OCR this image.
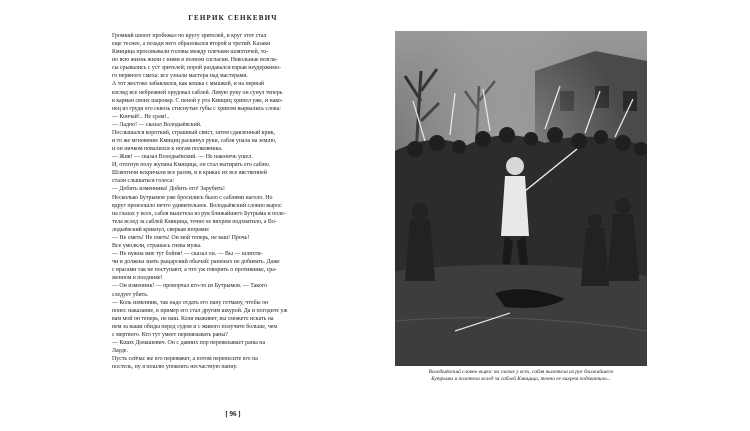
ГЕНРИК СЕНКЕВИЧ
Громкий шепот пробежал по кругу зрителей, и круг этот стал
еще теснее, а позади него образовался второй и третий. Казаки
Кмицица просовывали головы между плечами шляхтичей, то-
но всю жизнь жили с ними в полном согласии. Невольные возгла-
сы срывались с уст зрителей; порой раздавался взрыв неудержимо-
го нервного смеха: все узнали мастера над мастерами.
А тот жестоко забавлялся, как кошка с мышкой, и на первый
взгляд все небрежней орудовал саблей. Левую руку он сунул теперь
в карман своих шаровар. С пеной у рта Кмициц хрипел уже, и нако-
нец из груди его сквозь стиснутые губы с хрипом вырвались слова:
— Кончай!.. Не срам!..
— Ладно! — сказал Володыёвский.
Послышался короткий, страшный свист, затем сдавленный крик,
и то же мгновение Кмициц раскинул руки, сабля упала на землю,
и он ничком повалился к ногам полковника.
— Жив! — сказал Володыёвский. — Не наконечь ушел.
И, отогнув полу жупана Кмицица, он стал вытирать его саблю.
Шляхтичи вскричали все разом, и в криках их все явственней
стали слышаться голоса:
— Добить изменника! Добить его! Зарубить!
Несколько Бутрымов уже бросились было с саблями наголо. Но
вдруг произошло нечто удивительное. Володыёвский словно вырос
на глазах у всех, сабля вылетела из рук ближайшего Бутрыма и поле-
тела вслед за саблей Кмицица, точно ее вихрем подхватило, а Во-
лодыёвский крикнул, сверкая взорами:
— Не сметь! Не сметь! Он мой теперь, не ваш! Прочь!
Все умолкли, страшась гнева мужа.
— Не нужна мне тут бойня! — сказал он. — Вы — шляхти-
чи и должны знать рыцарский обычай: раненых не добивать. Даже
с врагами так не поступают, а что уж говорить о противнике, сра-
женном в поединке!
— Он изменник! — проворчал кто-то из Бутрымов. — Такого
следует убить.
— Коль изменник, так надо отдать его пану гетману, чтобы он
понес наказание, в пример его стал другим шкурой. Да и погодите уж
вам мой он теперь, не ваш. Коли выживет, вы сможете искать на
нем за ваши обиды перед судом и с живого получите больше, чем
с мертвого. Кто тут умеет перевязывать раны?
— Кших Домашевич. Он с давних пор перевязывает раны на
Лауде.
Пусть сейчас же его перевяжет, а потом перенесите его на
постель, ну я пошлю упокоить несчастную панну.
[ 96 ]
Володыёвский словно вырос на глазах у всех, сабля вылетела из рук ближайшего
Бутрыма и полетела вслед за саблей Кмицица, точно ее вихрем подхватило...
